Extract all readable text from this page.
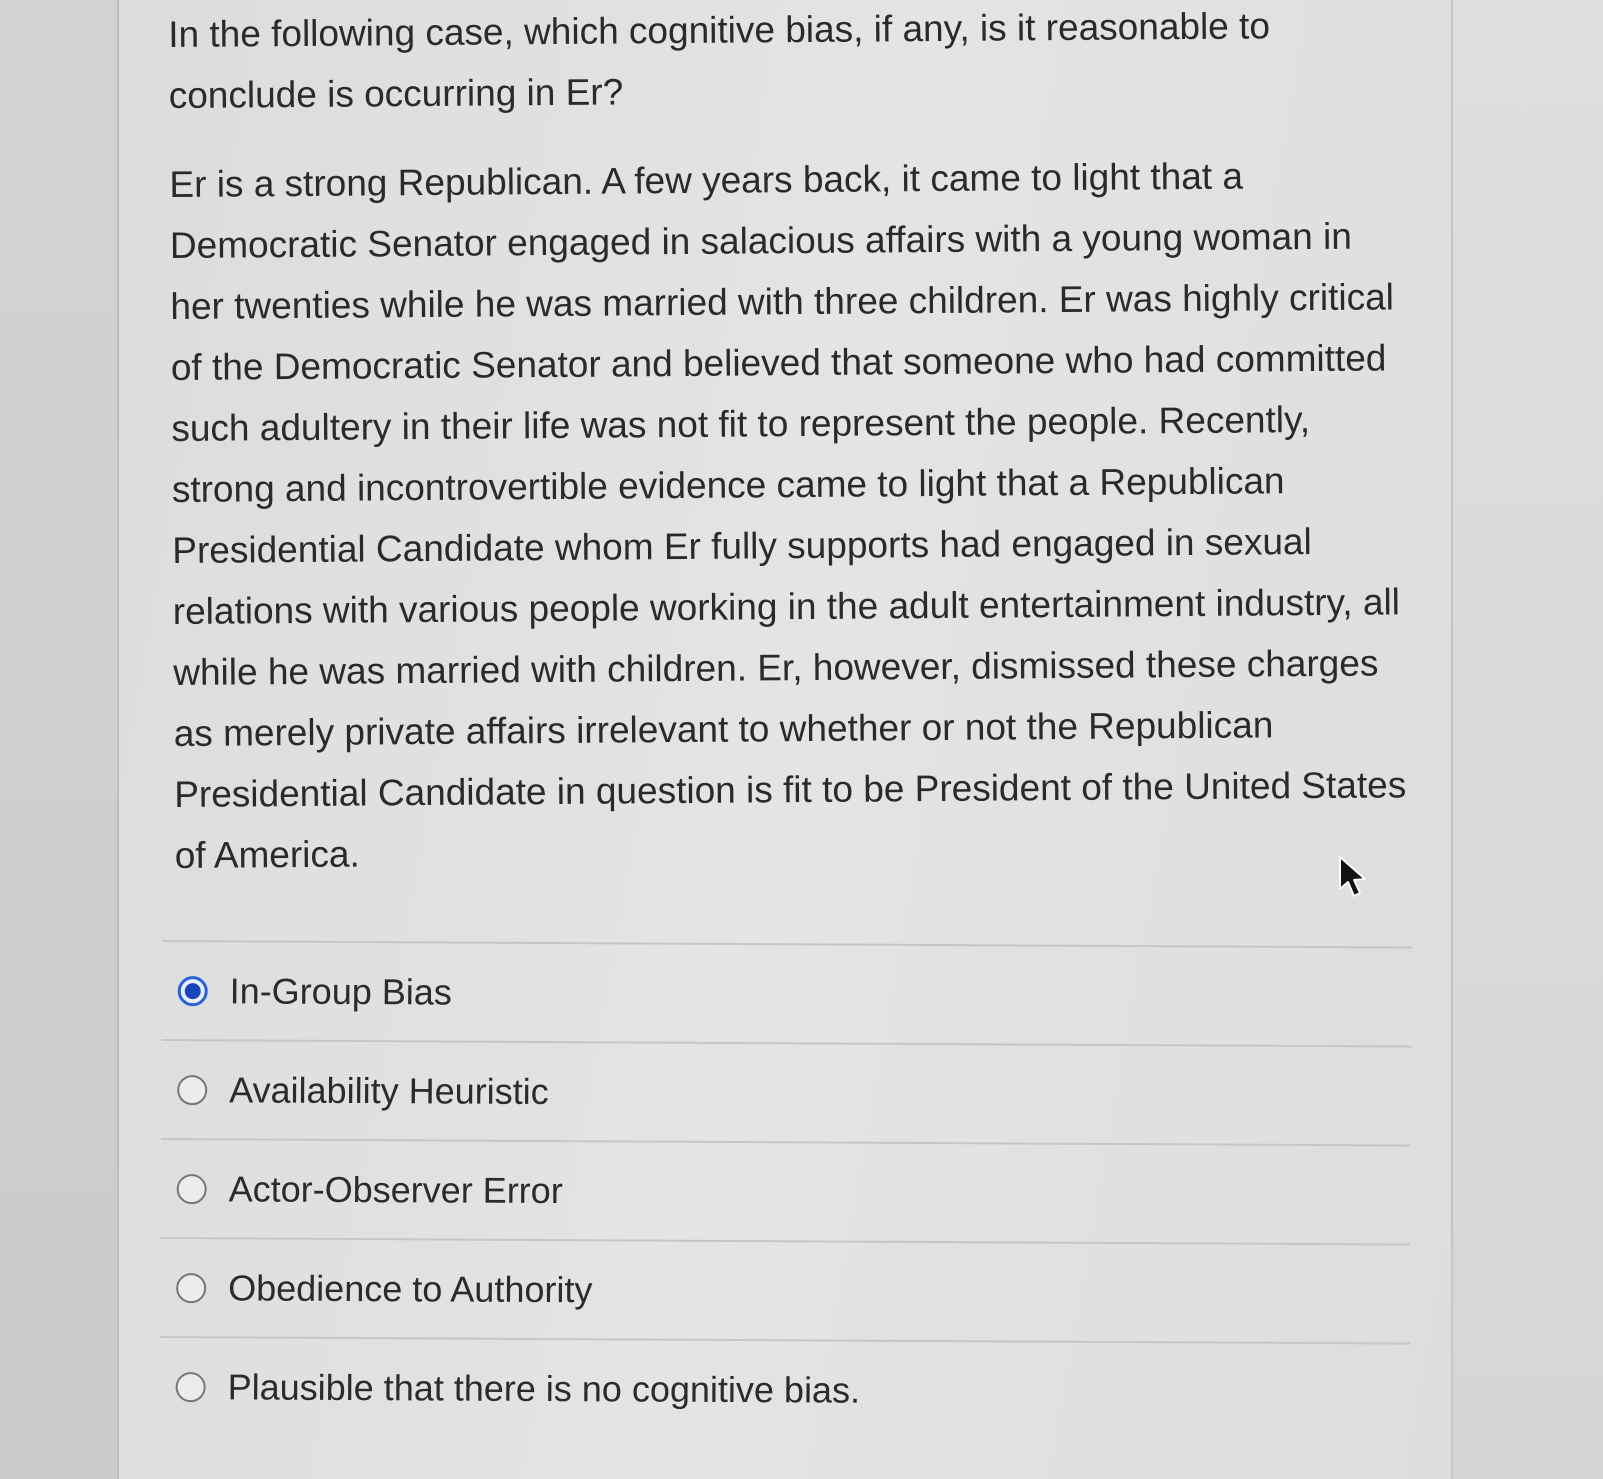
In the following case, which cognitive bias, if any, is it reasonable to conclude is occurring in Er?

Er is a strong Republican. A few years back, it came to light that a Democratic Senator engaged in salacious affairs with a young woman in her twenties while he was married with three children. Er was highly critical of the Democratic Senator and believed that someone who had committed such adultery in their life was not fit to represent the people. Recently, strong and incontrovertible evidence came to light that a Republican Presidential Candidate whom Er fully supports had engaged in sexual relations with various people working in the adult entertainment industry, all while he was married with children. Er, however, dismissed these charges as merely private affairs irrelevant to whether or not the Republican Presidential Candidate in question is fit to be President of the United States of America.

In-Group Bias
Availability Heuristic
Actor-Observer Error
Obedience to Authority
Plausible that there is no cognitive bias.
